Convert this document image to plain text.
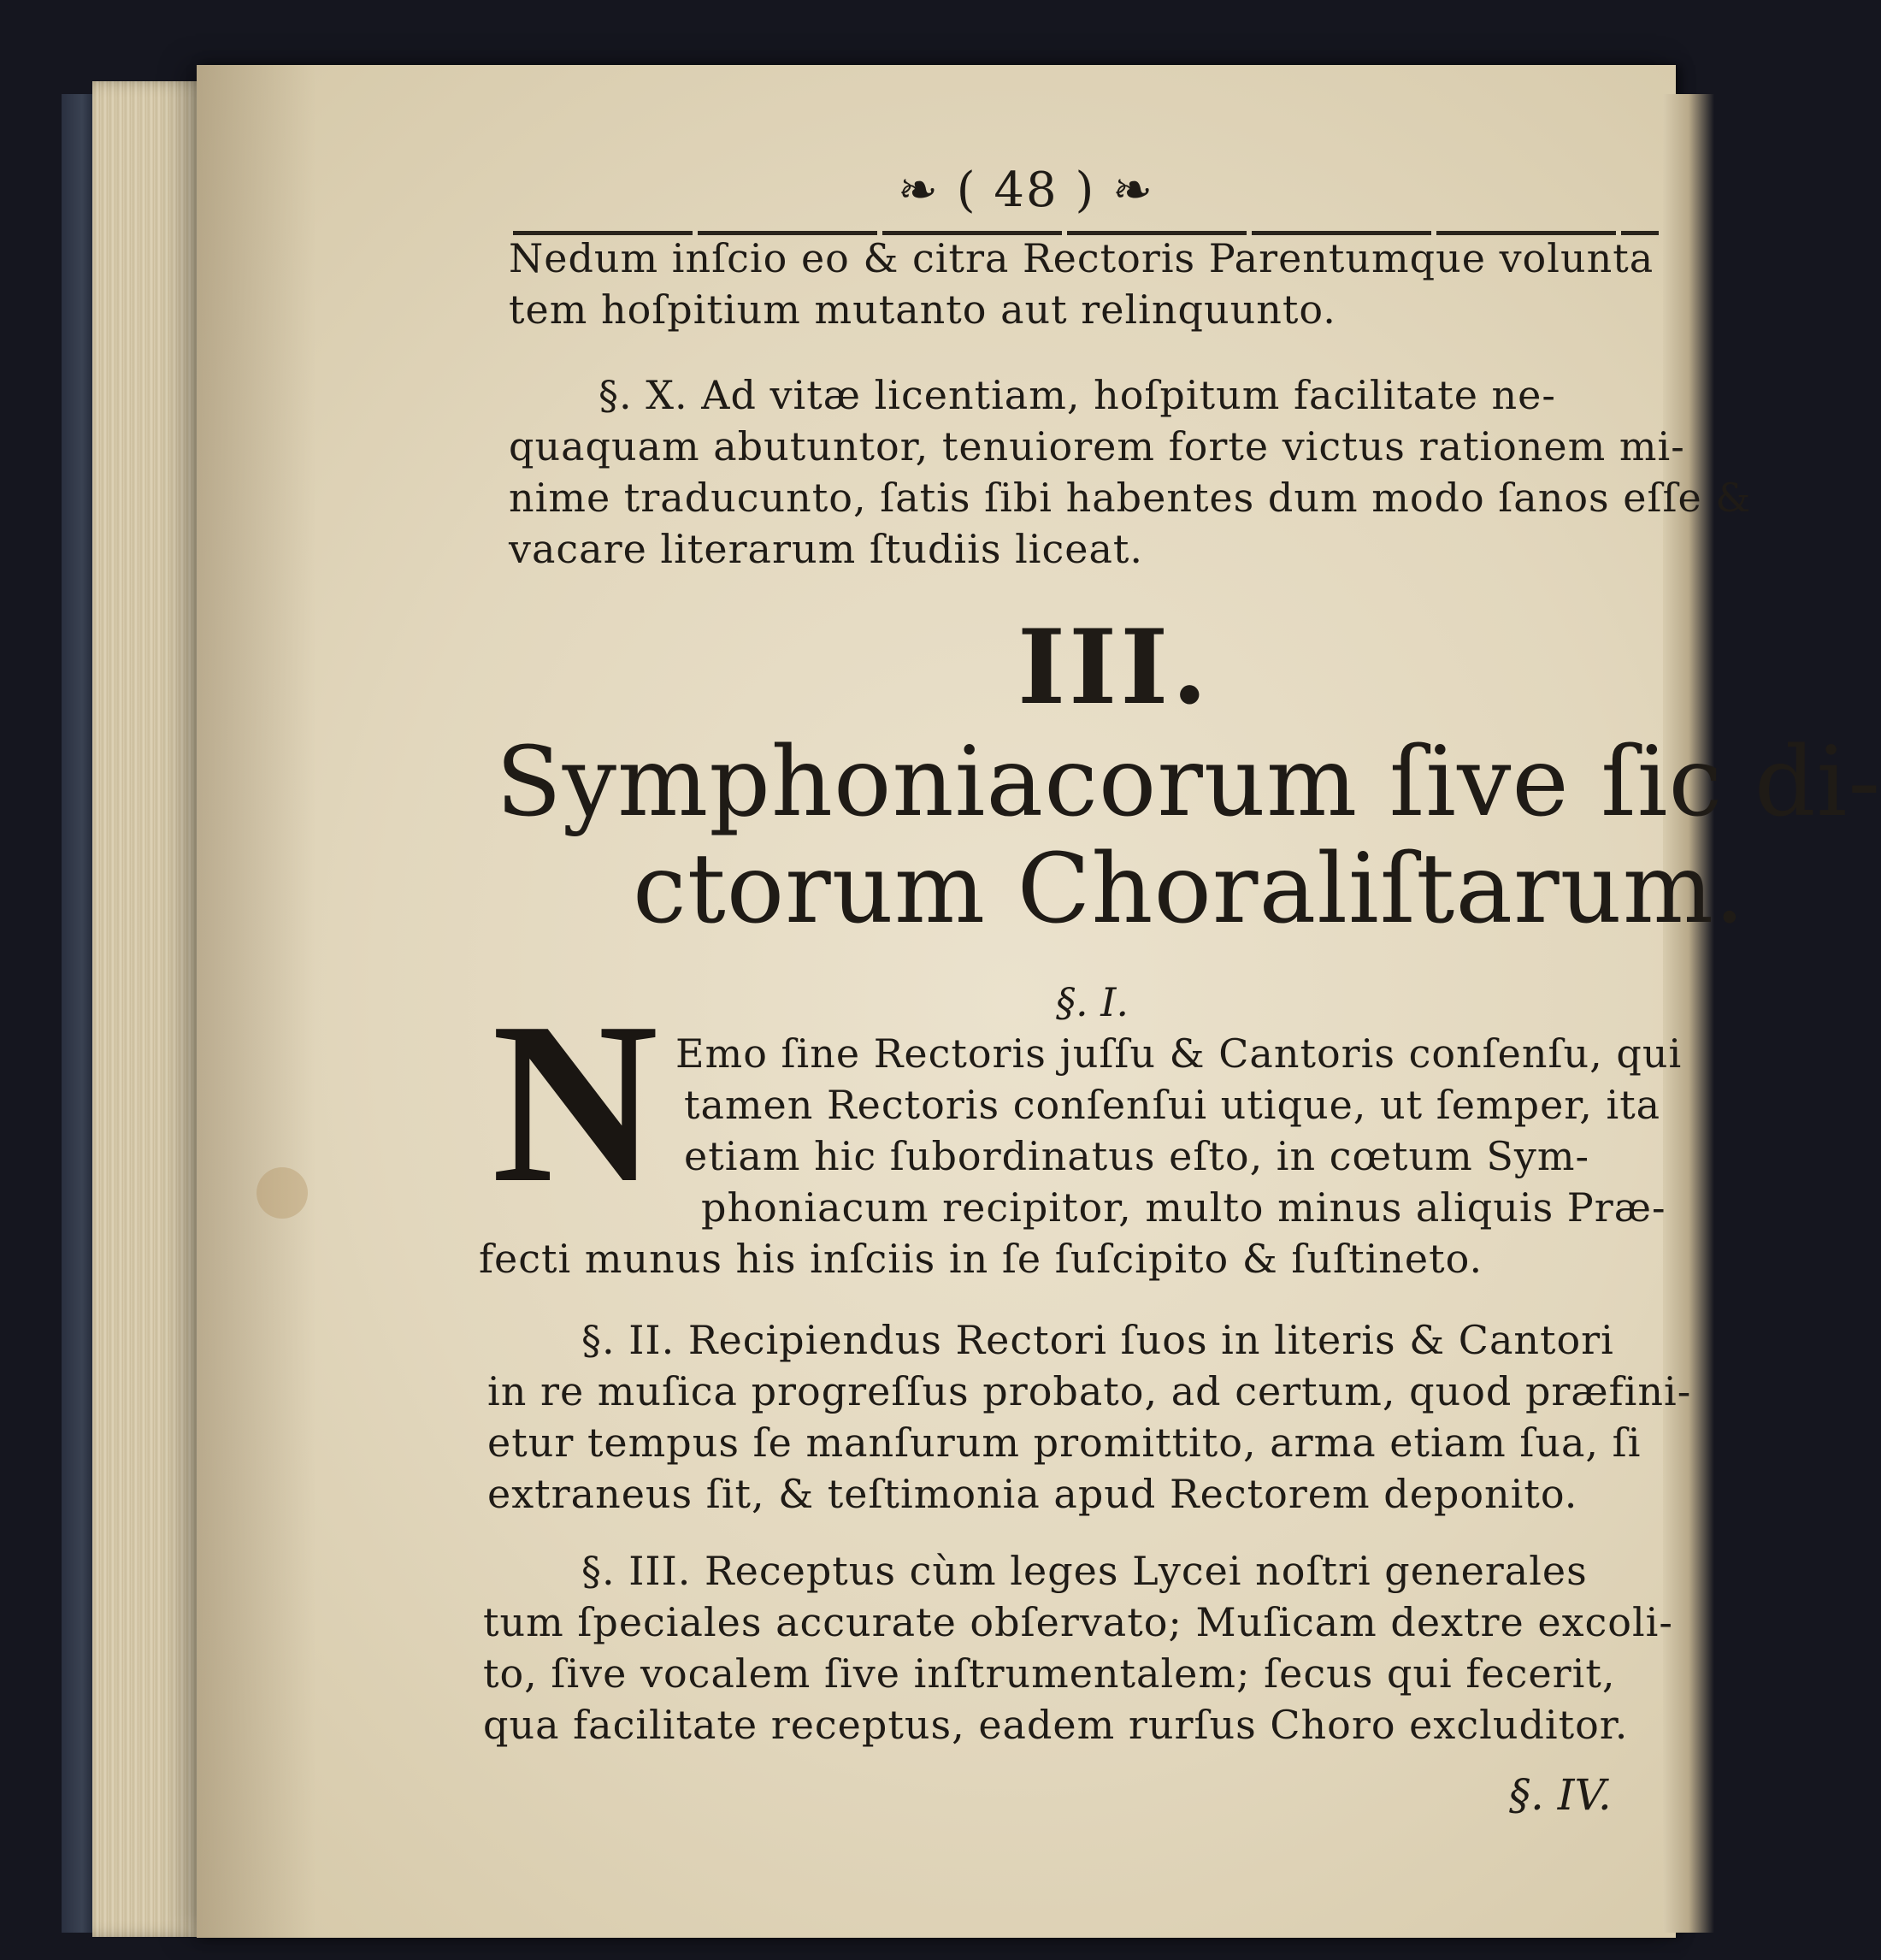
❧ ( 48 ) ❧
Nedum inſcio eo & citra Rectoris Parentumque volunta
tem hoſpitium mutanto aut relinquunto.
§. X. Ad vitæ licentiam, hoſpitum facilitate ne-
quaquam abutuntor, tenuiorem forte victus rationem mi-
nime traducunto, ſatis ſibi habentes dum modo ſanos eſſe &
vacare literarum ſtudiis liceat.
III.
Symphoniacorum ſive ſic di-
ctorum Choraliſtarum.
§. I.
N Emo ſine Rectoris juſſu & Cantoris conſenſu, qui
tamen Rectoris conſenſui utique, ut ſemper, ita
etiam hic ſubordinatus eſto, in cœtum Sym-
phoniacum recipitor, multo minus aliquis Præ-
fecti munus his inſciis in ſe ſuſcipito & ſuſtineto.
§. II. Recipiendus Rectori ſuos in literis & Cantori
in re muſica progreſſus probato, ad certum, quod præfini-
etur tempus ſe manſurum promittito, arma etiam ſua, ſi
extraneus ſit, & teſtimonia apud Rectorem deponito.
§. III. Receptus cùm leges Lycei noſtri generales
tum ſpeciales accurate obſervato; Muſicam dextre excoli-
to, ſive vocalem ſive inſtrumentalem; ſecus qui fecerit,
qua facilitate receptus, eadem rurſus Choro excluditor.
§. IV.
